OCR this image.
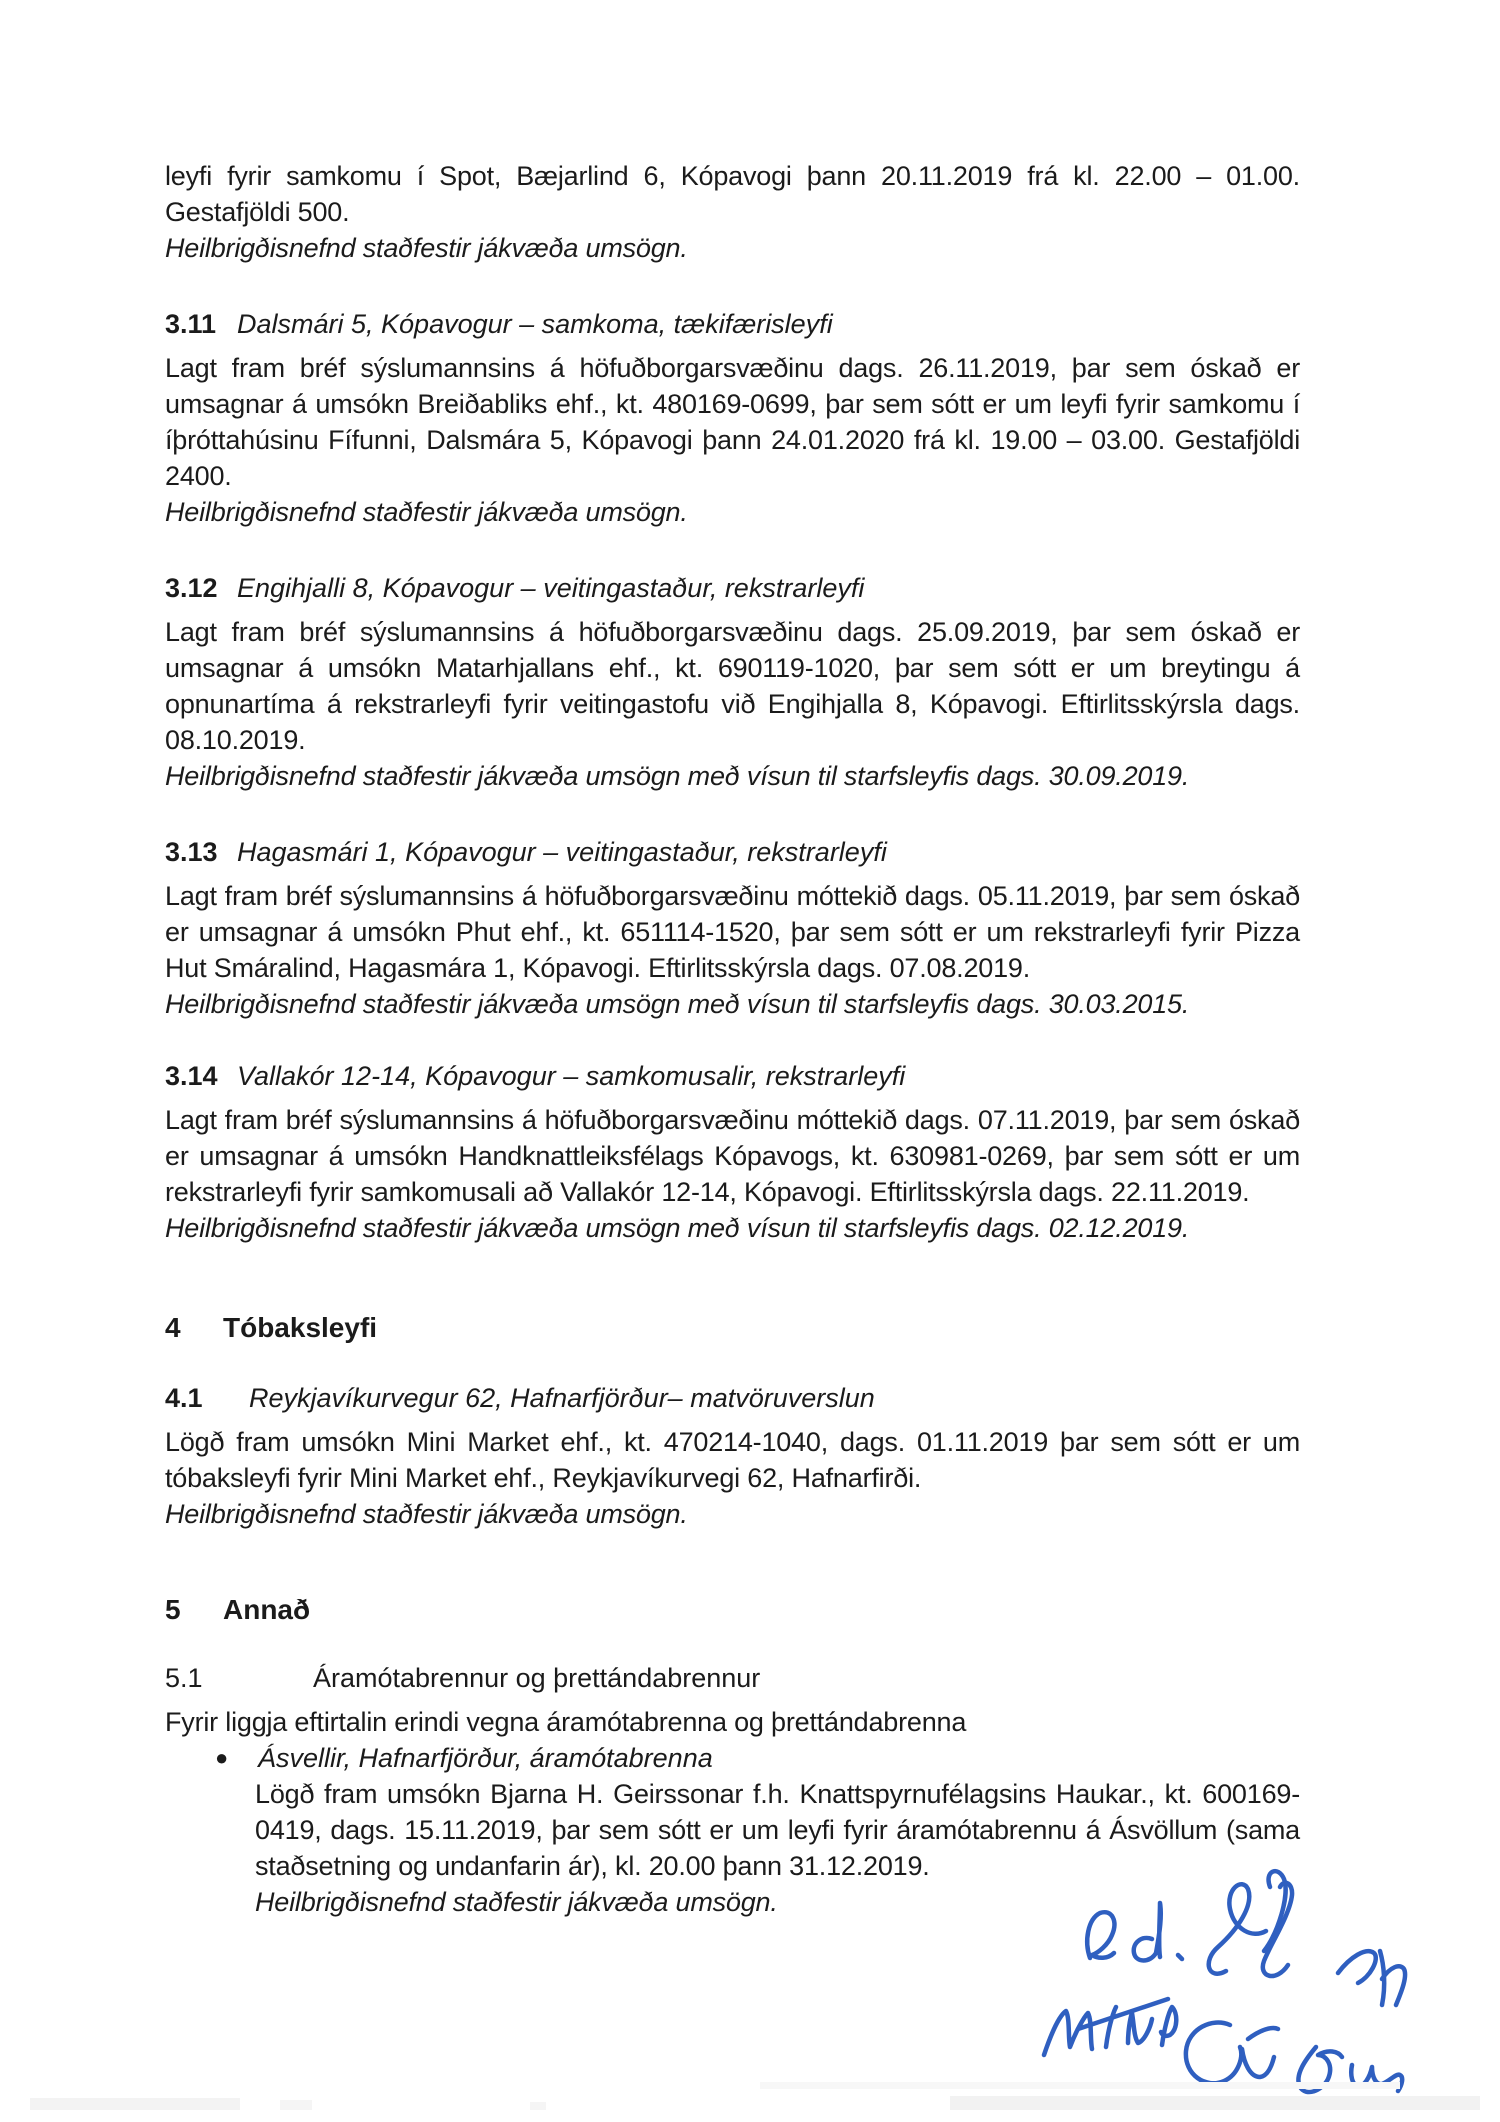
leyfi fyrir samkomu í Spot, Bæjarlind 6, Kópavogi þann 20.11.2019 frá kl. 22.00 – 01.00. Gestafjöldi 500.

Heilbrigðisnefnd staðfestir jákvæða umsögn.

3.11 Dalsmári 5, Kópavogur – samkoma, tækifærisleyfi

Lagt fram bréf sýslumannsins á höfuðborgarsvæðinu dags. 26.11.2019, þar sem óskað er umsagnar á umsókn Breiðabliks ehf., kt. 480169-0699, þar sem sótt er um leyfi fyrir samkomu í íþróttahúsinu Fífunni, Dalsmára 5, Kópavogi þann 24.01.2020 frá kl. 19.00 – 03.00. Gestafjöldi 2400.

Heilbrigðisnefnd staðfestir jákvæða umsögn.

3.12 Engihjalli 8, Kópavogur – veitingastaður, rekstrarleyfi

Lagt fram bréf sýslumannsins á höfuðborgarsvæðinu dags. 25.09.2019, þar sem óskað er umsagnar á umsókn Matarhjallans ehf., kt. 690119-1020, þar sem sótt er um breytingu á opnunartíma á rekstrarleyfi fyrir veitingastofu við Engihjalla 8, Kópavogi. Eftirlitsskýrsla dags. 08.10.2019.

Heilbrigðisnefnd staðfestir jákvæða umsögn með vísun til starfsleyfis dags. 30.09.2019.

3.13 Hagasmári 1, Kópavogur – veitingastaður, rekstrarleyfi

Lagt fram bréf sýslumannsins á höfuðborgarsvæðinu móttekið dags. 05.11.2019, þar sem óskað er umsagnar á umsókn Phut ehf., kt. 651114-1520, þar sem sótt er um rekstrarleyfi fyrir Pizza Hut Smáralind, Hagasmára 1, Kópavogi. Eftirlitsskýrsla dags. 07.08.2019.

Heilbrigðisnefnd staðfestir jákvæða umsögn með vísun til starfsleyfis dags. 30.03.2015.

3.14 Vallakór 12-14, Kópavogur – samkomusalir, rekstrarleyfi

Lagt fram bréf sýslumannsins á höfuðborgarsvæðinu móttekið dags. 07.11.2019, þar sem óskað er umsagnar á umsókn Handknattleiksfélags Kópavogs, kt. 630981-0269, þar sem sótt er um rekstrarleyfi fyrir samkomusali að Vallakór 12-14, Kópavogi. Eftirlitsskýrsla dags. 22.11.2019.

Heilbrigðisnefnd staðfestir jákvæða umsögn með vísun til starfsleyfis dags. 02.12.2019.

4	Tóbaksleyfi
4.1	Reykjavíkurvegur 62, Hafnarfjörður– matvöruverslun

Lögð fram umsókn Mini Market ehf., kt. 470214-1040, dags. 01.11.2019 þar sem sótt er um tóbaksleyfi fyrir Mini Market ehf., Reykjavíkurvegi 62, Hafnarfirði.

Heilbrigðisnefnd staðfestir jákvæða umsögn.

5	Annað
5.1	Áramótabrennur og þrettándabrennur

Fyrir liggja eftirtalin erindi vegna áramótabrenna og þrettándabrenna

●	Ásvellir, Hafnarfjörður, áramótabrenna

Lögð fram umsókn Bjarna H. Geirssonar f.h. Knattspyrnufélagsins Haukar., kt. 600169-0419, dags. 15.11.2019, þar sem sótt er um leyfi fyrir áramótabrennu á Ásvöllum (sama staðsetning og undanfarin ár), kl. 20.00 þann 31.12.2019.

Heilbrigðisnefnd staðfestir jákvæða umsögn.
